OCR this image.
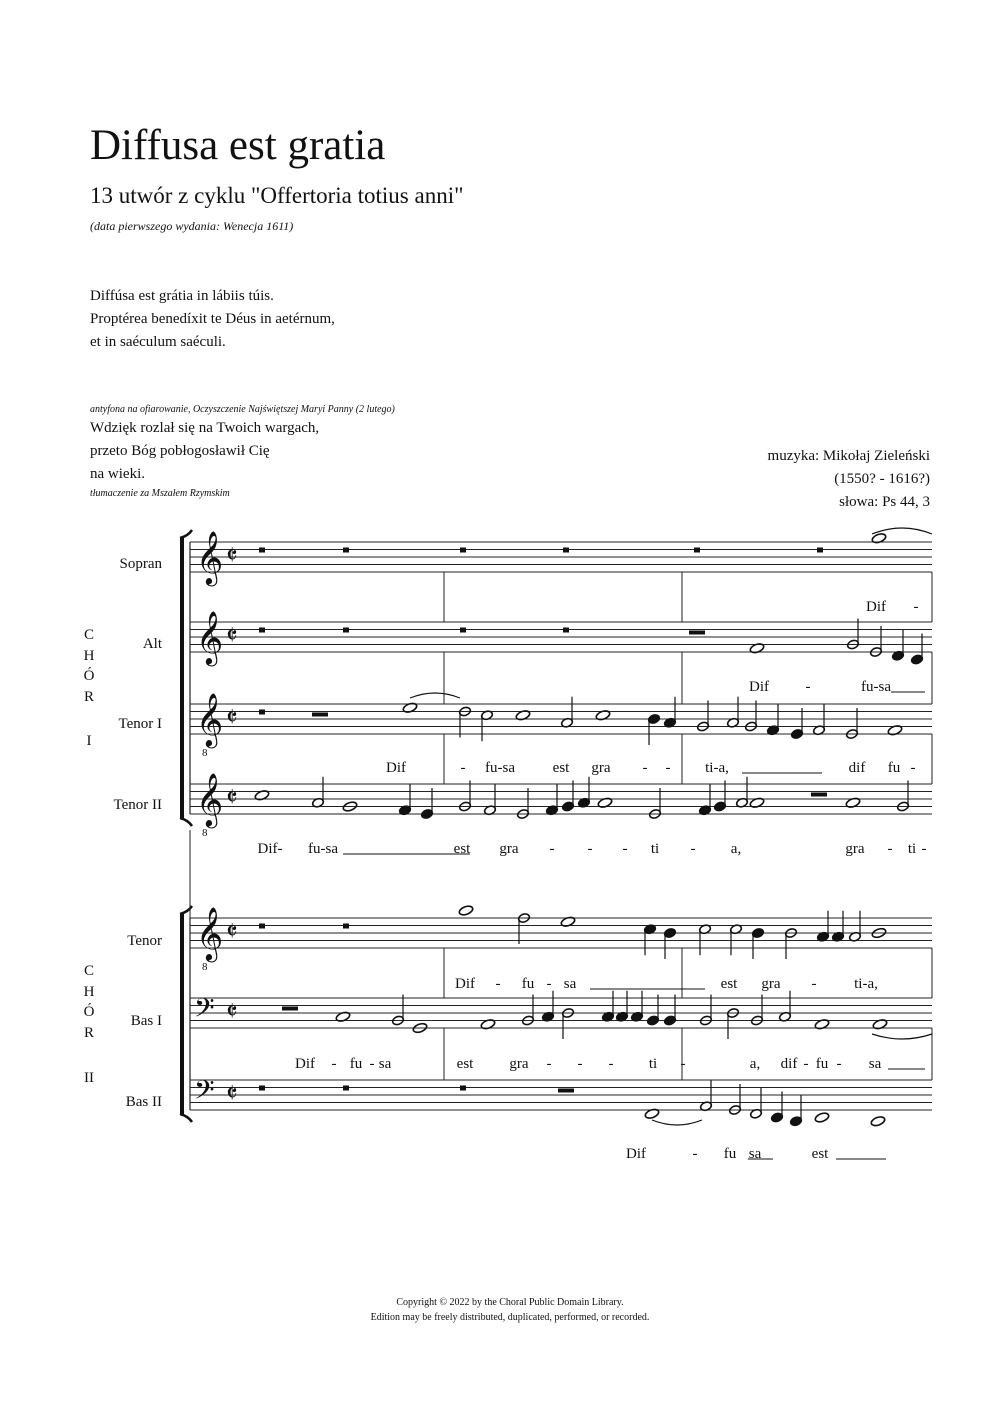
Diffusa est gratia
13 utwór z cyklu "Offertoria totius anni"
(data pierwszego wydania: Wenecja 1611)
Diffúsa est grátia in lábiis túis.
Proptérea benedíxit te Déus in aetérnum,
et in saéculum saéculi.
antyfona na ofiarowanie, Oczyszczenie Najświętszej Maryi Panny (2 lutego)
Wdzięk rozlał się na Twoich wargach,
przeto Bóg pobłogosławił Cię
na wieki.
tłumaczenie za Mszałem Rzymskim
muzyka: Mikołaj Zieleński
(1550? - 1616?)
słowa: Ps 44, 3
𝄞 𝄵
𝄞 𝄵
𝄞
8
𝄵
𝄞
8
𝄵
𝄞
8
𝄵
𝄢 𝄵
𝄢 𝄵
Sopran
Alt
Tenor I
Tenor II
Tenor
Bas I
Bas II
C
H
Ó
R
I
C
H
Ó
R
II
Dif -
Dif -	fu-sa
Dif	- fu-sa	est gra - - ti-a,	dif fu -
Dif- fu-sa	est gra - - - ti - a,	gra - ti -
Dif - fu - sa	est gra -	ti-a,
Dif - fu - sa	est gra - - - ti -	a, dif - fu - sa
Dif	- fu sa	est
Copyright © 2022 by the Choral Public Domain Library.
Edition may be freely distributed, duplicated, performed, or recorded.
